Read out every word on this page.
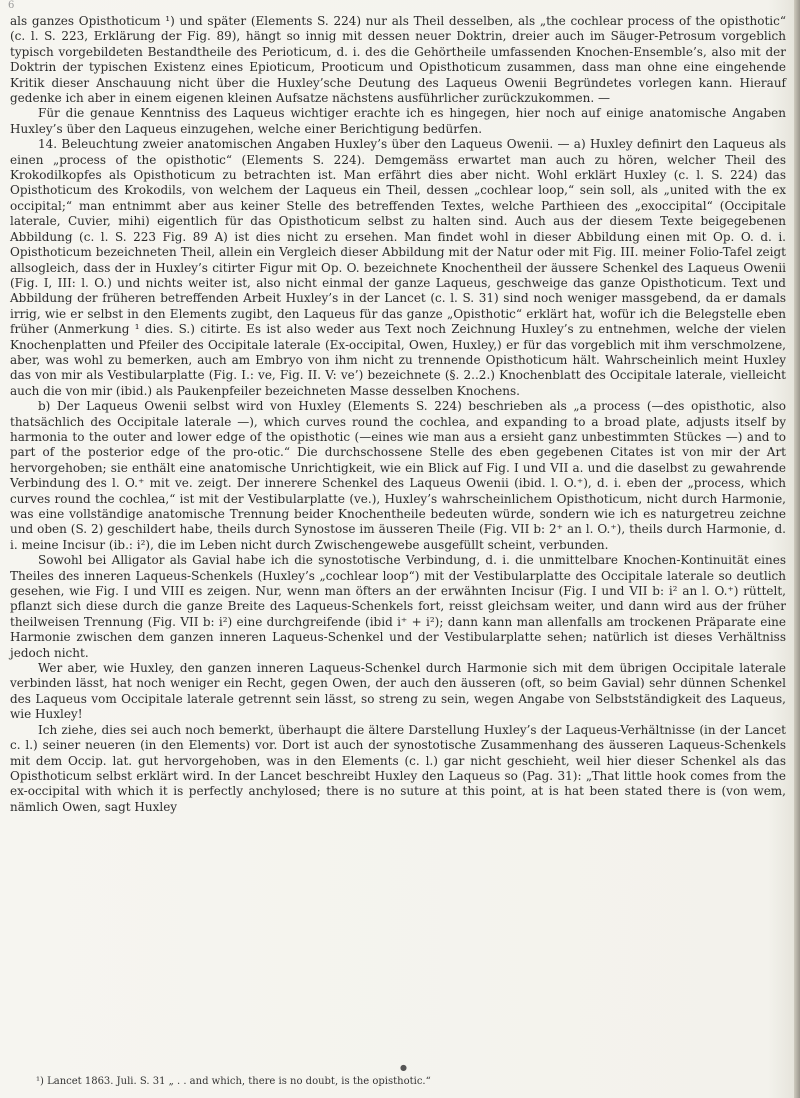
6

als ganzes Opisthoticum ¹) und später (Elements S. 224) nur als Theil desselben, als „the cochlear process of the opisthotic“ (c. l. S. 223, Erklärung der Fig. 89), hängt so innig mit dessen neuer Doktrin, dreier auch im Säuger-Petrosum vorgeblich typisch vorgebildeten Bestandtheile des Perioticum, d. i. des die Gehörtheile umfassenden Knochen-Ensemble’s, also mit der Doktrin der typischen Existenz eines Epioticum, Prooticum und Opisthoticum zusammen, dass man ohne eine eingehende Kritik dieser Anschauung nicht über die Huxley’sche Deutung des Laqueus Owenii Begründetes vorlegen kann. Hierauf gedenke ich aber in einem eigenen kleinen Aufsatze nächstens ausführlicher zurückzukommen. —

Für die genaue Kenntniss des Laqueus wichtiger erachte ich es hingegen, hier noch auf einige anatomische Angaben Huxley’s über den Laqueus einzugehen, welche einer Berichtigung bedürfen.

14. Beleuchtung zweier anatomischen Angaben Huxley’s über den Laqueus Owenii. — a) Huxley definirt den Laqueus als einen „process of the opisthotic“ (Elements S. 224). Demgemäss erwartet man auch zu hören, welcher Theil des Krokodilkopfes als Opisthoticum zu betrachten ist. Man erfährt dies aber nicht. Wohl erklärt Huxley (c. l. S. 224) das Opisthoticum des Krokodils, von welchem der Laqueus ein Theil, dessen „cochlear loop,“ sein soll, als „united with the ex occipital;“ man entnimmt aber aus keiner Stelle des betreffenden Textes, welche Parthieen des „exoccipital“ (Occipitale laterale, Cuvier, mihi) eigentlich für das Opisthoticum selbst zu halten sind. Auch aus der diesem Texte beigegebenen Abbildung (c. l. S. 223 Fig. 89 A) ist dies nicht zu ersehen. Man findet wohl in dieser Abbildung einen mit Op. O. d. i. Opisthoticum bezeichneten Theil, allein ein Vergleich dieser Abbildung mit der Natur oder mit Fig. III. meiner Folio-Tafel zeigt allsogleich, dass der in Huxley’s citirter Figur mit Op. O. bezeichnete Knochentheil der äussere Schenkel des Laqueus Owenii (Fig. I, III: l. O.) und nichts weiter ist, also nicht einmal der ganze Laqueus, geschweige das ganze Opisthoticum. Text und Abbildung der früheren betreffenden Arbeit Huxley’s in der Lancet (c. l. S. 31) sind noch weniger massgebend, da er damals irrig, wie er selbst in den Elements zugibt, den Laqueus für das ganze „Opisthotic“ erklärt hat, wofür ich die Belegstelle eben früher (Anmerkung ¹ dies. S.) citirte. Es ist also weder aus Text noch Zeichnung Huxley’s zu entnehmen, welche der vielen Knochenplatten und Pfeiler des Occipitale laterale (Ex-occipital, Owen, Huxley,) er für das vorgeblich mit ihm verschmolzene, aber, was wohl zu bemerken, auch am Embryo von ihm nicht zu trennende Opisthoticum hält. Wahrscheinlich meint Huxley das von mir als Vestibularplatte (Fig. I.: ve, Fig. II. V: ve’) bezeichnete (§. 2..2.) Knochenblatt des Occipitale laterale, vielleicht auch die von mir (ibid.) als Paukenpfeiler bezeichneten Masse desselben Knochens.

b) Der Laqueus Owenii selbst wird von Huxley (Elements S. 224) beschrieben als „a process (—des opisthotic, also thatsächlich des Occipitale laterale —), which curves round the cochlea, and expanding to a broad plate, adjusts itself by harmonia to the outer and lower edge of the opisthotic (—eines wie man aus a ersieht ganz unbestimmten Stückes —) and to part of the posterior edge of the pro-otic.“ Die durchschossene Stelle des eben gegebenen Citates ist von mir der Art hervorgehoben; sie enthält eine anatomische Unrichtigkeit, wie ein Blick auf Fig. I und VII a. und die daselbst zu gewahrende Verbindung des l. O.⁺ mit ve. zeigt. Der innerere Schenkel des Laqueus Owenii (ibid. l. O.⁺), d. i. eben der „process, which curves round the cochlea,“ ist mit der Vestibularplatte (ve.), Huxley’s wahrscheinlichem Opisthoticum, nicht durch Harmonie, was eine vollständige anatomische Trennung beider Knochentheile bedeuten würde, sondern wie ich es naturgetreu zeichne und oben (S. 2) geschildert habe, theils durch Synostose im äusseren Theile (Fig. VII b: 2⁺ an l. O.⁺), theils durch Harmonie, d. i. meine Incisur (ib.: i²), die im Leben nicht durch Zwischengewebe ausgefüllt scheint, verbunden.

Sowohl bei Alligator als Gavial habe ich die synostotische Verbindung, d. i. die unmittelbare Knochen-Kontinuität eines Theiles des inneren Laqueus-Schenkels (Huxley’s „cochlear loop“) mit der Vestibularplatte des Occipitale laterale so deutlich gesehen, wie Fig. I und VIII es zeigen. Nur, wenn man öfters an der erwähnten Incisur (Fig. I und VII b: i² an l. O.⁺) rüttelt, pflanzt sich diese durch die ganze Breite des Laqueus-Schenkels fort, reisst gleichsam weiter, und dann wird aus der früher theilweisen Trennung (Fig. VII b: i²) eine durchgreifende (ibid i⁺ + i²); dann kann man allenfalls am trockenen Präparate eine Harmonie zwischen dem ganzen inneren Laqueus-Schenkel und der Vestibularplatte sehen; natürlich ist dieses Verhältniss jedoch nicht.

Wer aber, wie Huxley, den ganzen inneren Laqueus-Schenkel durch Harmonie sich mit dem übrigen Occipitale laterale verbinden lässt, hat noch weniger ein Recht, gegen Owen, der auch den äusseren (oft, so beim Gavial) sehr dünnen Schenkel des Laqueus vom Occipitale laterale getrennt sein lässt, so streng zu sein, wegen Angabe von Selbstständigkeit des Laqueus, wie Huxley!

Ich ziehe, dies sei auch noch bemerkt, überhaupt die ältere Darstellung Huxley’s der Laqueus-Verhältnisse (in der Lancet c. l.) seiner neueren (in den Elements) vor. Dort ist auch der synostotische Zusammenhang des äusseren Laqueus-Schenkels mit dem Occip. lat. gut hervorgehoben, was in den Elements (c. l.) gar nicht geschieht, weil hier dieser Schenkel als das Opisthoticum selbst erklärt wird. In der Lancet beschreibt Huxley den Laqueus so (Pag. 31): „That little hook comes from the ex-occipital with which it is perfectly anchylosed; there is no suture at this point, at is hat been stated there is (von wem, nämlich Owen, sagt Huxley

●
¹) Lancet 1863. Juli. S. 31 „ . . and which, there is no doubt, is the opisthotic.“
